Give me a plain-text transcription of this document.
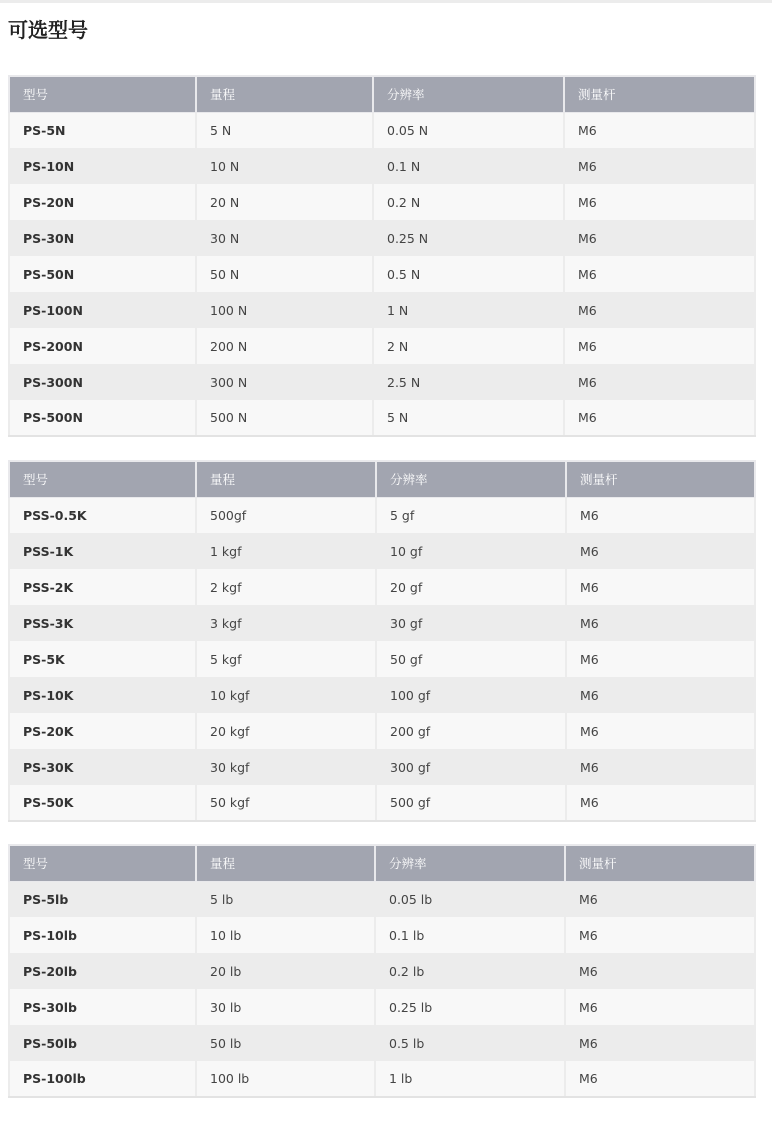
可选型号
型号	量程	分辨率	测量杆
PS-5N	5 N	0.05 N	M6
PS-10N	10 N	0.1 N	M6
PS-20N	20 N	0.2 N	M6
PS-30N	30 N	0.25 N	M6
PS-50N	50 N	0.5 N	M6
PS-100N	100 N	1 N	M6
PS-200N	200 N	2 N	M6
PS-300N	300 N	2.5 N	M6
PS-500N	500 N	5 N	M6
型号	量程	分辨率	测量杆
PSS-0.5K	500gf	5 gf	M6
PSS-1K	1 kgf	10 gf	M6
PSS-2K	2 kgf	20 gf	M6
PSS-3K	3 kgf	30 gf	M6
PS-5K	5 kgf	50 gf	M6
PS-10K	10 kgf	100 gf	M6
PS-20K	20 kgf	200 gf	M6
PS-30K	30 kgf	300 gf	M6
PS-50K	50 kgf	500 gf	M6
型号	量程	分辨率	测量杆
PS-5lb	5 lb	0.05 lb	M6
PS-10lb	10 lb	0.1 lb	M6
PS-20lb	20 lb	0.2 lb	M6
PS-30lb	30 lb	0.25 lb	M6
PS-50lb	50 lb	0.5 lb	M6
PS-100lb	100 lb	1 lb	M6
